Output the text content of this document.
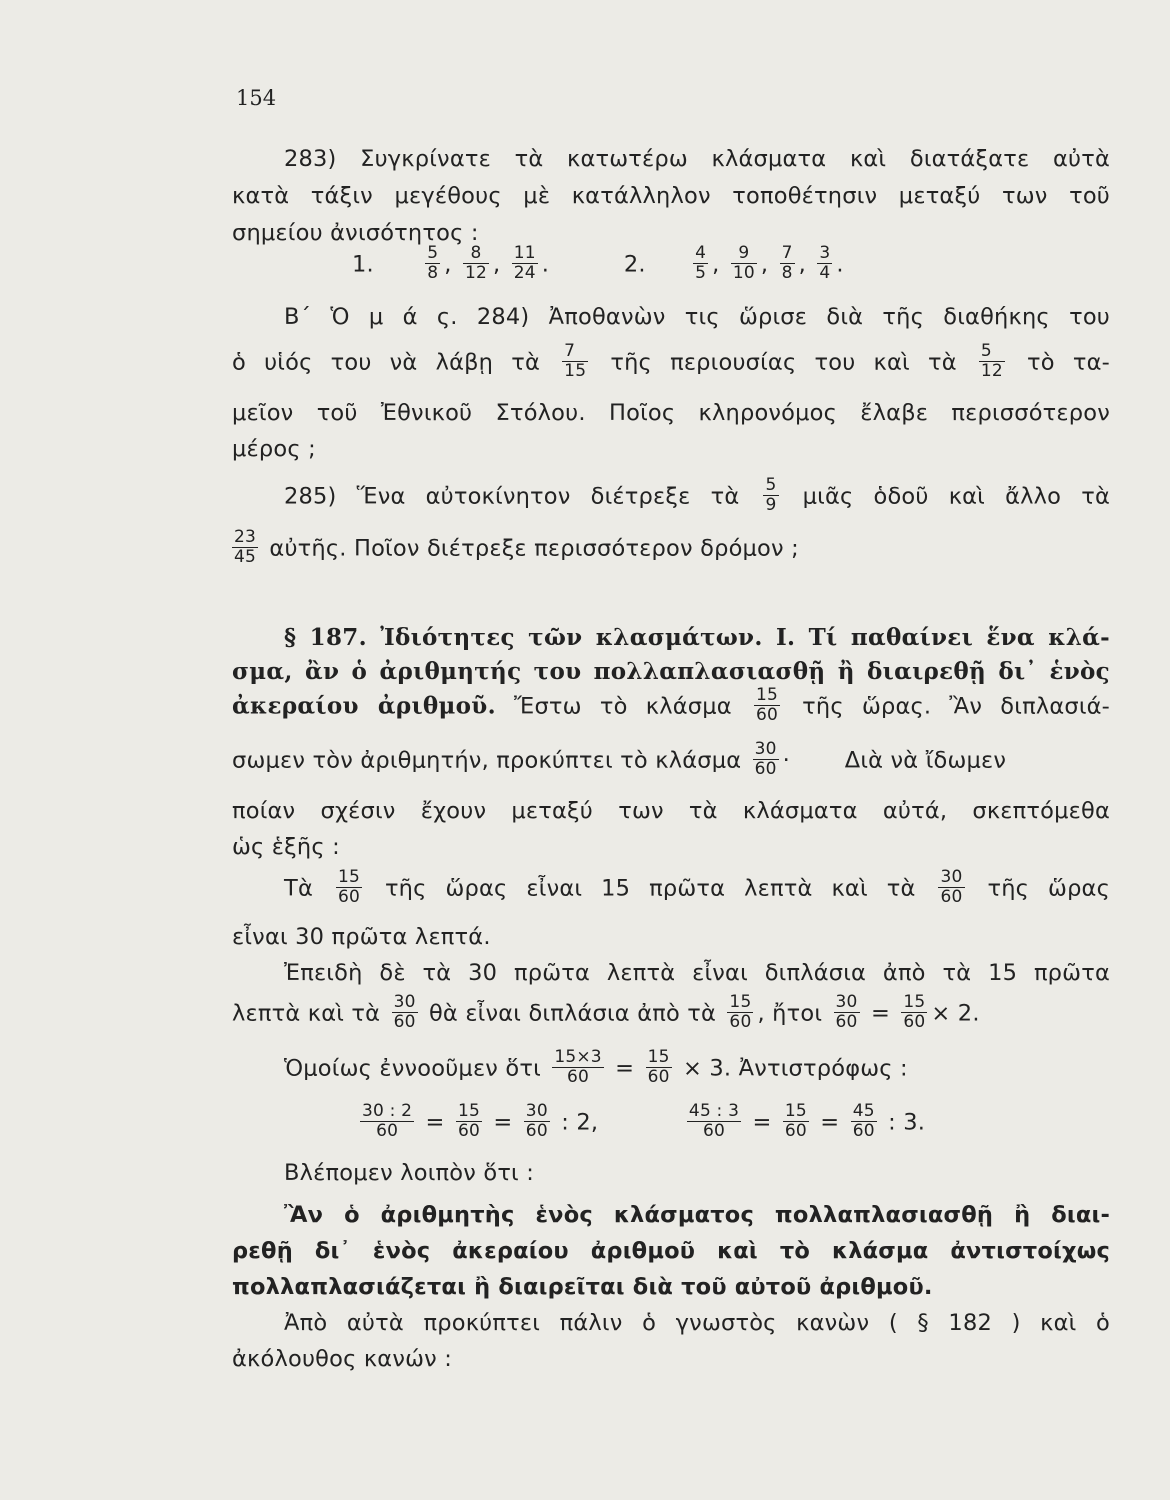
154
283) Συγκρίνατε τὰ κατωτέρω κλάσματα καὶ διατάξατε αὐτὰ
κατὰ τάξιν μεγέθους μὲ κατάλληλον τοποθέτησιν μεταξύ των τοῦ
σημείου ἀνισότητος :
1.	$\frac{5}{8}$ , $\frac{8}{12}$ , $\frac{11}{24}$ .	2.	$\frac{4}{5}$ , $\frac{9}{10}$ , $\frac{7}{8}$ , $\frac{3}{4}$ .
Β΄ Ὁ μ ά ς. 284) Ἀποθανὼν τις ὥρισε διὰ τῆς διαθήκης του
ὁ υἱός του νὰ λάβῃ τὰ $\frac{7}{15}$ τῆς περιουσίας του καὶ τὰ $\frac{5}{12}$ τὸ τα-
μεῖον τοῦ Ἐθνικοῦ Στόλου. Ποῖος κληρονόμος ἔλαβε περισσότερον
μέρος ;
285) Ἕνα αὐτοκίνητον διέτρεξε τὰ $\frac{5}{9}$ μιᾶς ὁδοῦ καὶ ἄλλο τὰ
$\frac{23}{45}$ αὐτῆς. Ποῖον διέτρεξε περισσότερον δρόμον ;
§ 187. Ἰδιότητες τῶν κλασμάτων. Ι. Τί παθαίνει ἕνα κλά-
σμα, ἂν ὁ ἀριθμητής του πολλαπλασιασθῇ ἢ διαιρεθῇ δι᾽ ἑνὸς
ἀκεραίου ἀριθμοῦ. Ἔστω τὸ κλάσμα $\frac{15}{60}$ τῆς ὥρας. Ἂν διπλασιά-
σωμεν τὸν ἀριθμητήν, προκύπτει τὸ κλάσμα $\frac{30}{60}$ · Διὰ νὰ ἴδωμεν
ποίαν σχέσιν ἔχουν μεταξύ των τὰ κλάσματα αὐτά, σκεπτόμεθα
ὡς ἑξῆς :
Τὰ $\frac{15}{60}$ τῆς ὥρας εἶναι 15 πρῶτα λεπτὰ καὶ τὰ $\frac{30}{60}$ τῆς ὥρας
εἶναι 30 πρῶτα λεπτά.
Ἐπειδὴ δὲ τὰ 30 πρῶτα λεπτὰ εἶναι διπλάσια ἀπὸ τὰ 15 πρῶτα
λεπτὰ καὶ τὰ $\frac{30}{60}$ θὰ εἶναι διπλάσια ἀπὸ τὰ $\frac{15}{60}$ , ἤτοι $\frac{30}{60} = \frac{15}{60} \times 2$.
Ὁμοίως ἐννοοῦμεν ὅτι $\frac{15\times 3}{60} = \frac{15}{60} \times 3$. Ἀντιστρόφως :
$\frac{30 : 2}{60} = \frac{15}{60} = \frac{30}{60}$ : 2,	$\frac{45 : 3}{60} = \frac{15}{60} = \frac{45}{60}$ : 3.
Βλέπομεν λοιπὸν ὅτι :
Ἂν ὁ ἀριθμητὴς ἑνὸς κλάσματος πολλαπλασιασθῇ ἢ διαι-
ρεθῇ δι᾽ ἑνὸς ἀκεραίου ἀριθμοῦ καὶ τὸ κλάσμα ἀντιστοίχως
πολλαπλασιάζεται ἢ διαιρεῖται διὰ τοῦ αὐτοῦ ἀριθμοῦ.
Ἀπὸ αὐτὰ προκύπτει πάλιν ὁ γνωστὸς κανὼν ( § 182 ) καὶ ὁ
ἀκόλουθος κανών :
